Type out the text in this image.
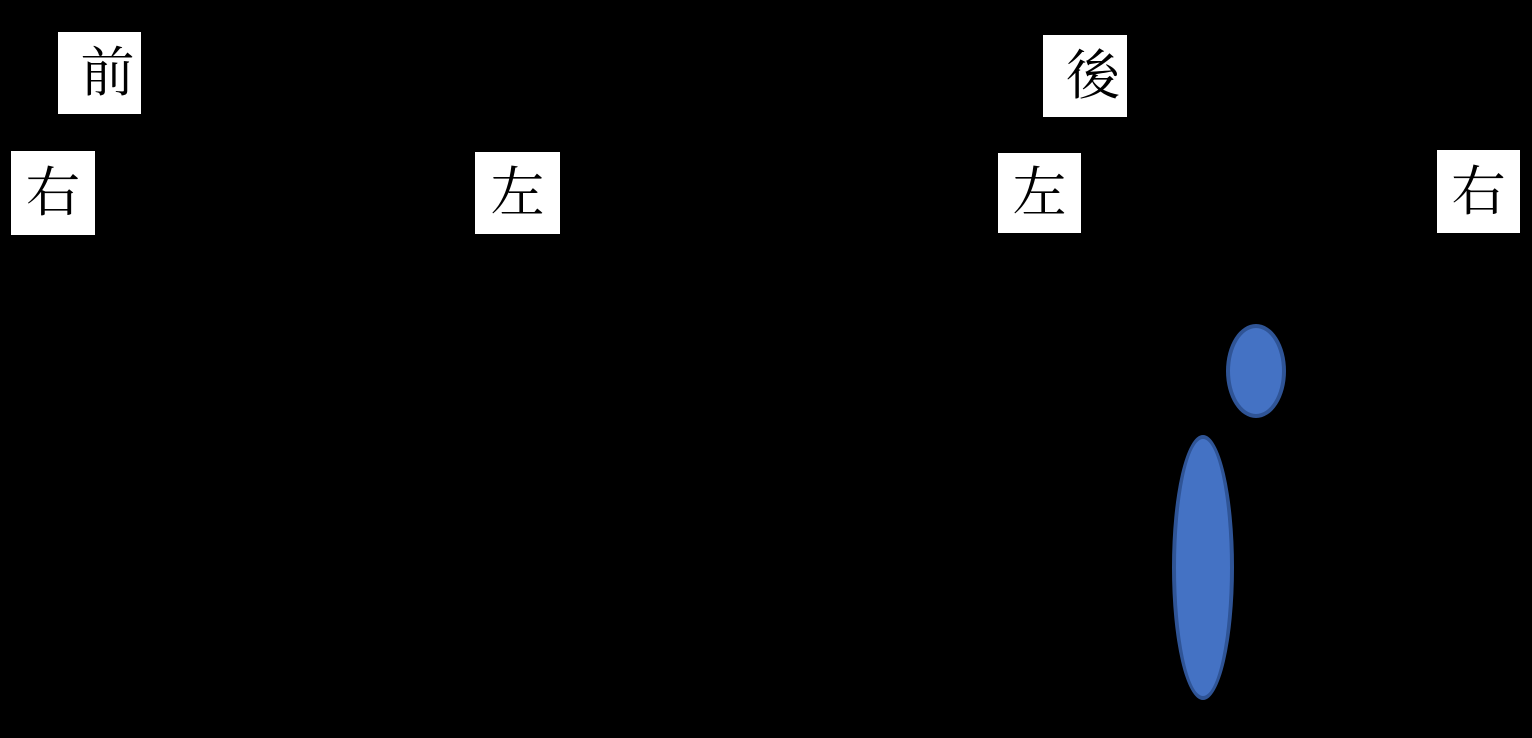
前
右	左
後
左	右
